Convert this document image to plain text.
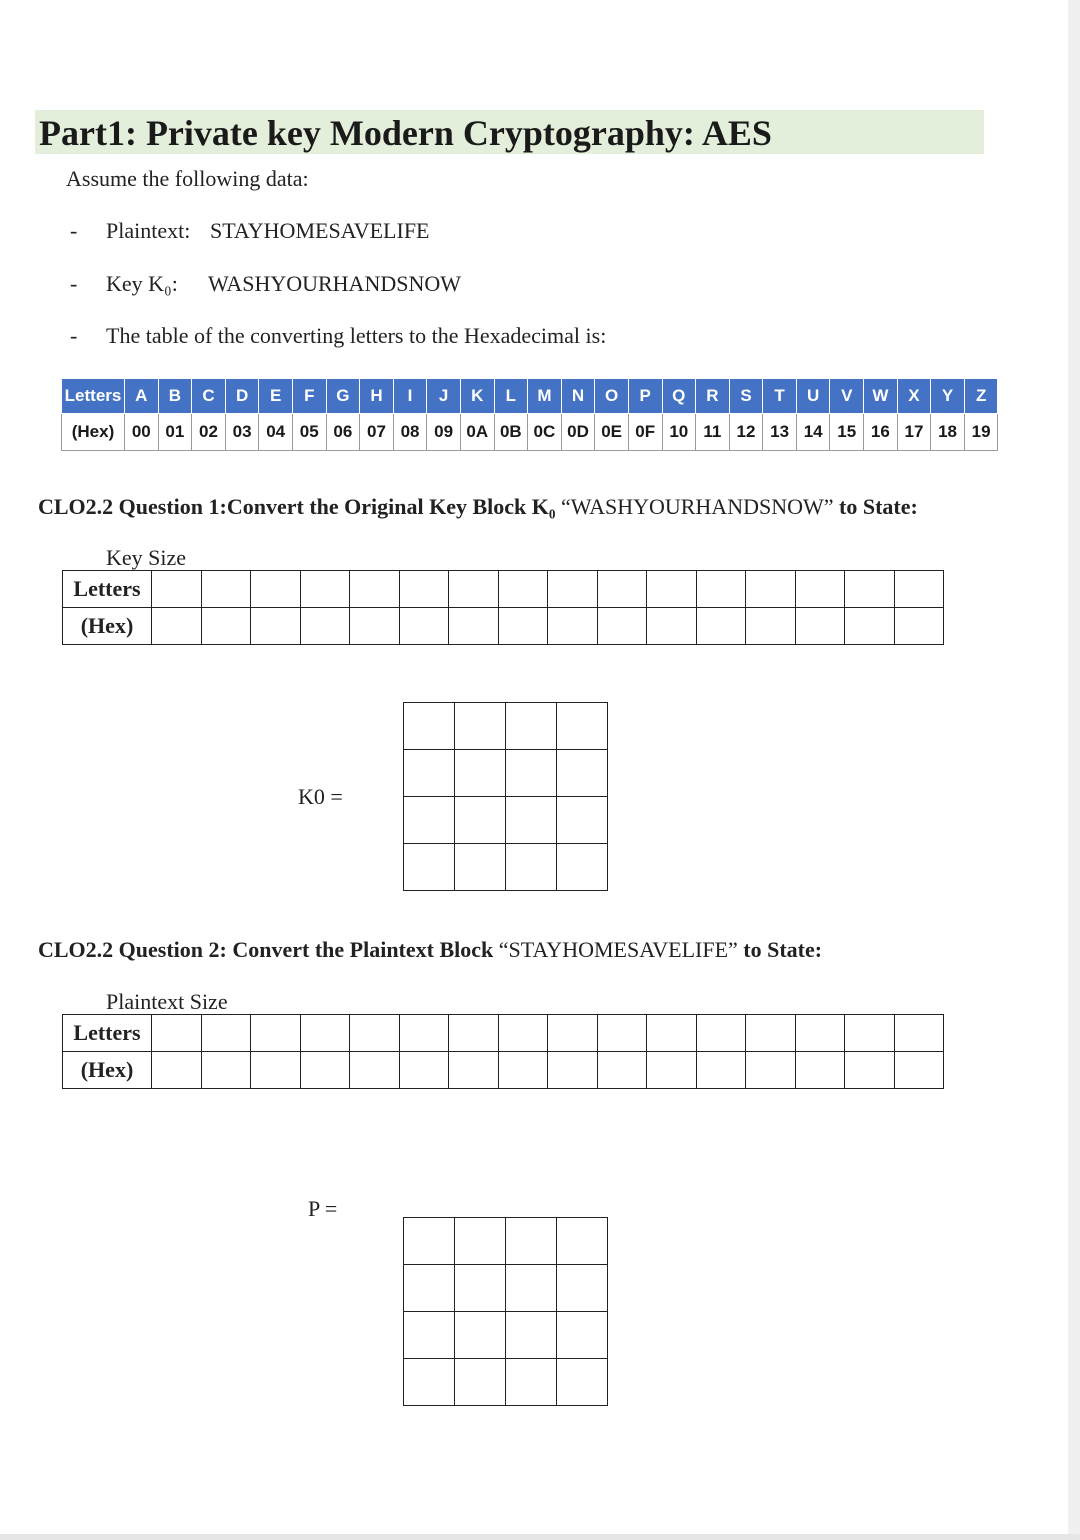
Part1: Private key Modern Cryptography: AES
Assume the following data:
- Plaintext: STAYHOMESAVELIFE
- Key K₀: WASHYOURHANDSNOW
- The table of the converting letters to the Hexadecimal is:
Letters	A	B	C	D	E	F	G	H	I	J	K	L	M	N	O	P	Q	R	S	T	U	V	W	X	Y	Z
(Hex)	00	01	02	03	04	05	06	07	08	09	0A	0B	0C	0D	0E	0F	10	11	12	13	14	15	16	17	18	19
CLO2.2 Question 1:Convert the Original Key Block K₀ “WASHYOURHANDSNOW” to State:
Key Size
Letters																
(Hex)																
K0 =

CLO2.2 Question 2: Convert the Plaintext Block “STAYHOMESAVELIFE” to State:
Plaintext Size
Letters																
(Hex)																
P =
